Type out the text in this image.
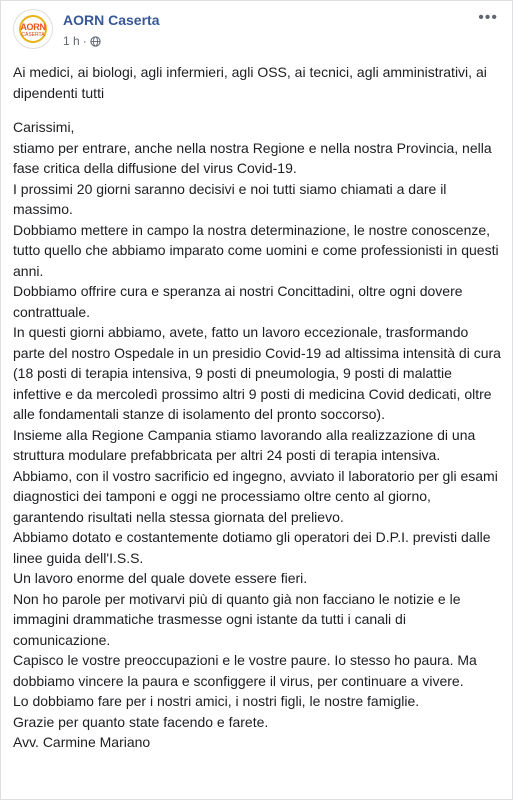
AORN
CASERTA
AORN Caserta
1 h ·
•••

Ai medici, ai biologi, agli infermieri, agli OSS, ai tecnici, agli amministrativi, ai dipendenti tutti

Carissimi,

stiamo per entrare, anche nella nostra Regione e nella nostra Provincia, nella fase critica della diffusione del virus Covid-19.

I prossimi 20 giorni saranno decisivi e noi tutti siamo chiamati a dare il massimo.

Dobbiamo mettere in campo la nostra determinazione, le nostre conoscenze, tutto quello che abbiamo imparato come uomini e come professionisti in questi anni.

Dobbiamo offrire cura e speranza ai nostri Concittadini, oltre ogni dovere contrattuale.

In questi giorni abbiamo, avete, fatto un lavoro eccezionale, trasformando parte del nostro Ospedale in un presidio Covid-19 ad altissima intensità di cura (18 posti di terapia intensiva, 9 posti di pneumologia, 9 posti di malattie infettive e da mercoledì prossimo altri 9 posti di medicina Covid dedicati, oltre alle fondamentali stanze di isolamento del pronto soccorso).

Insieme alla Regione Campania stiamo lavorando alla realizzazione di una struttura modulare prefabbricata per altri 24 posti di terapia intensiva.

Abbiamo, con il vostro sacrificio ed ingegno, avviato il laboratorio per gli esami diagnostici dei tamponi e oggi ne processiamo oltre cento al giorno, garantendo risultati nella stessa giornata del prelievo.

Abbiamo dotato e costantemente dotiamo gli operatori dei D.P.I. previsti dalle linee guida dell'I.S.S.

Un lavoro enorme del quale dovete essere fieri.

Non ho parole per motivarvi più di quanto già non facciano le notizie e le immagini drammatiche trasmesse ogni istante da tutti i canali di comunicazione.

Capisco le vostre preoccupazioni e le vostre paure. Io stesso ho paura. Ma dobbiamo vincere la paura e sconfiggere il virus, per continuare a vivere.

Lo dobbiamo fare per i nostri amici, i nostri figli, le nostre famiglie.

Grazie per quanto state facendo e farete.

Avv. Carmine Mariano
